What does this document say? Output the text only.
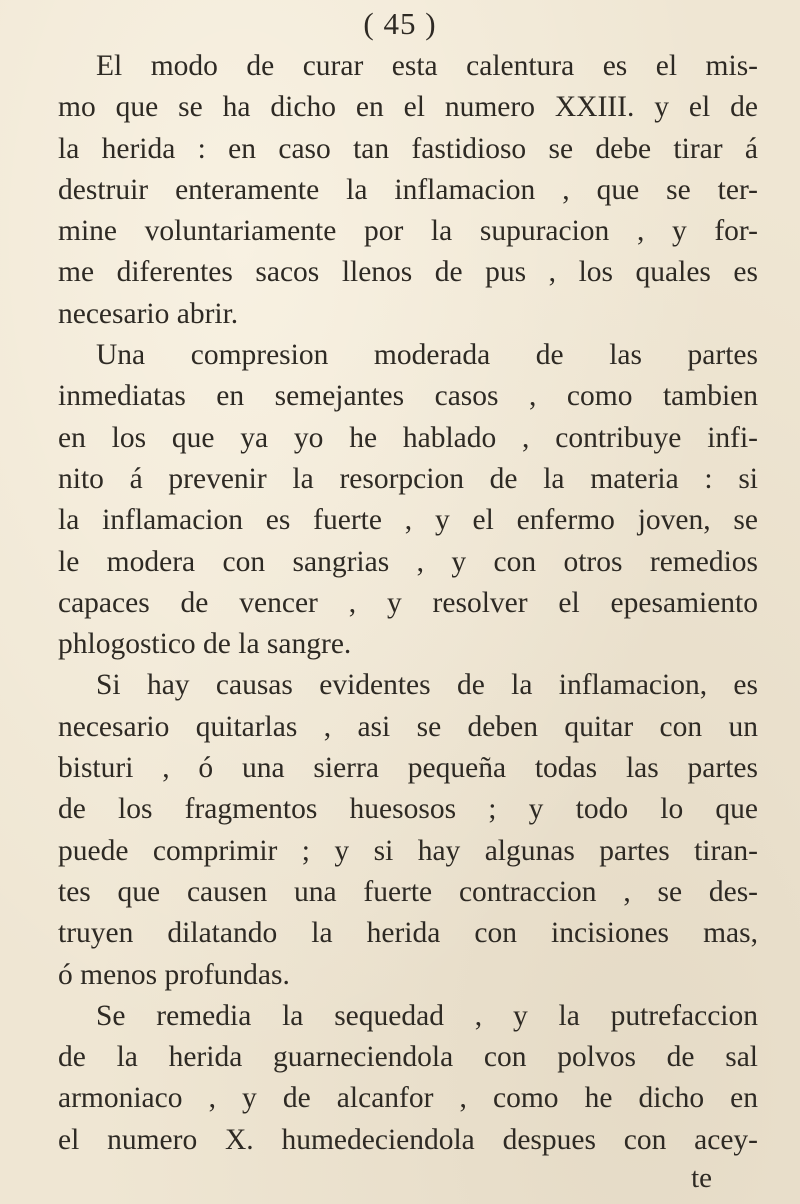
( 45 )
El modo de curar esta calentura es el mis-
mo que se ha dicho en el numero XXIII. y el de
la herida : en caso tan fastidioso se debe tirar á
destruir enteramente la inflamacion , que se ter-
mine voluntariamente por la supuracion , y for-
me diferentes sacos llenos de pus , los quales es
necesario abrir.
Una compresion moderada de las partes
inmediatas en semejantes casos , como tambien
en los que ya yo he hablado , contribuye infi-
nito á prevenir la resorpcion de la materia : si
la inflamacion es fuerte , y el enfermo joven, se
le modera con sangrias , y con otros remedios
capaces de vencer , y resolver el epesamiento
phlogostico de la sangre.
Si hay causas evidentes de la inflamacion, es
necesario quitarlas , asi se deben quitar con un
bisturi , ó una sierra pequeña todas las partes
de los fragmentos huesosos ; y todo lo que
puede comprimir ; y si hay algunas partes tiran-
tes que causen una fuerte contraccion , se des-
truyen dilatando la herida con incisiones mas,
ó menos profundas.
Se remedia la sequedad , y la putrefaccion
de la herida guarneciendola con polvos de sal
armoniaco , y de alcanfor , como he dicho en
el numero X. humedeciendola despues con acey-
te
